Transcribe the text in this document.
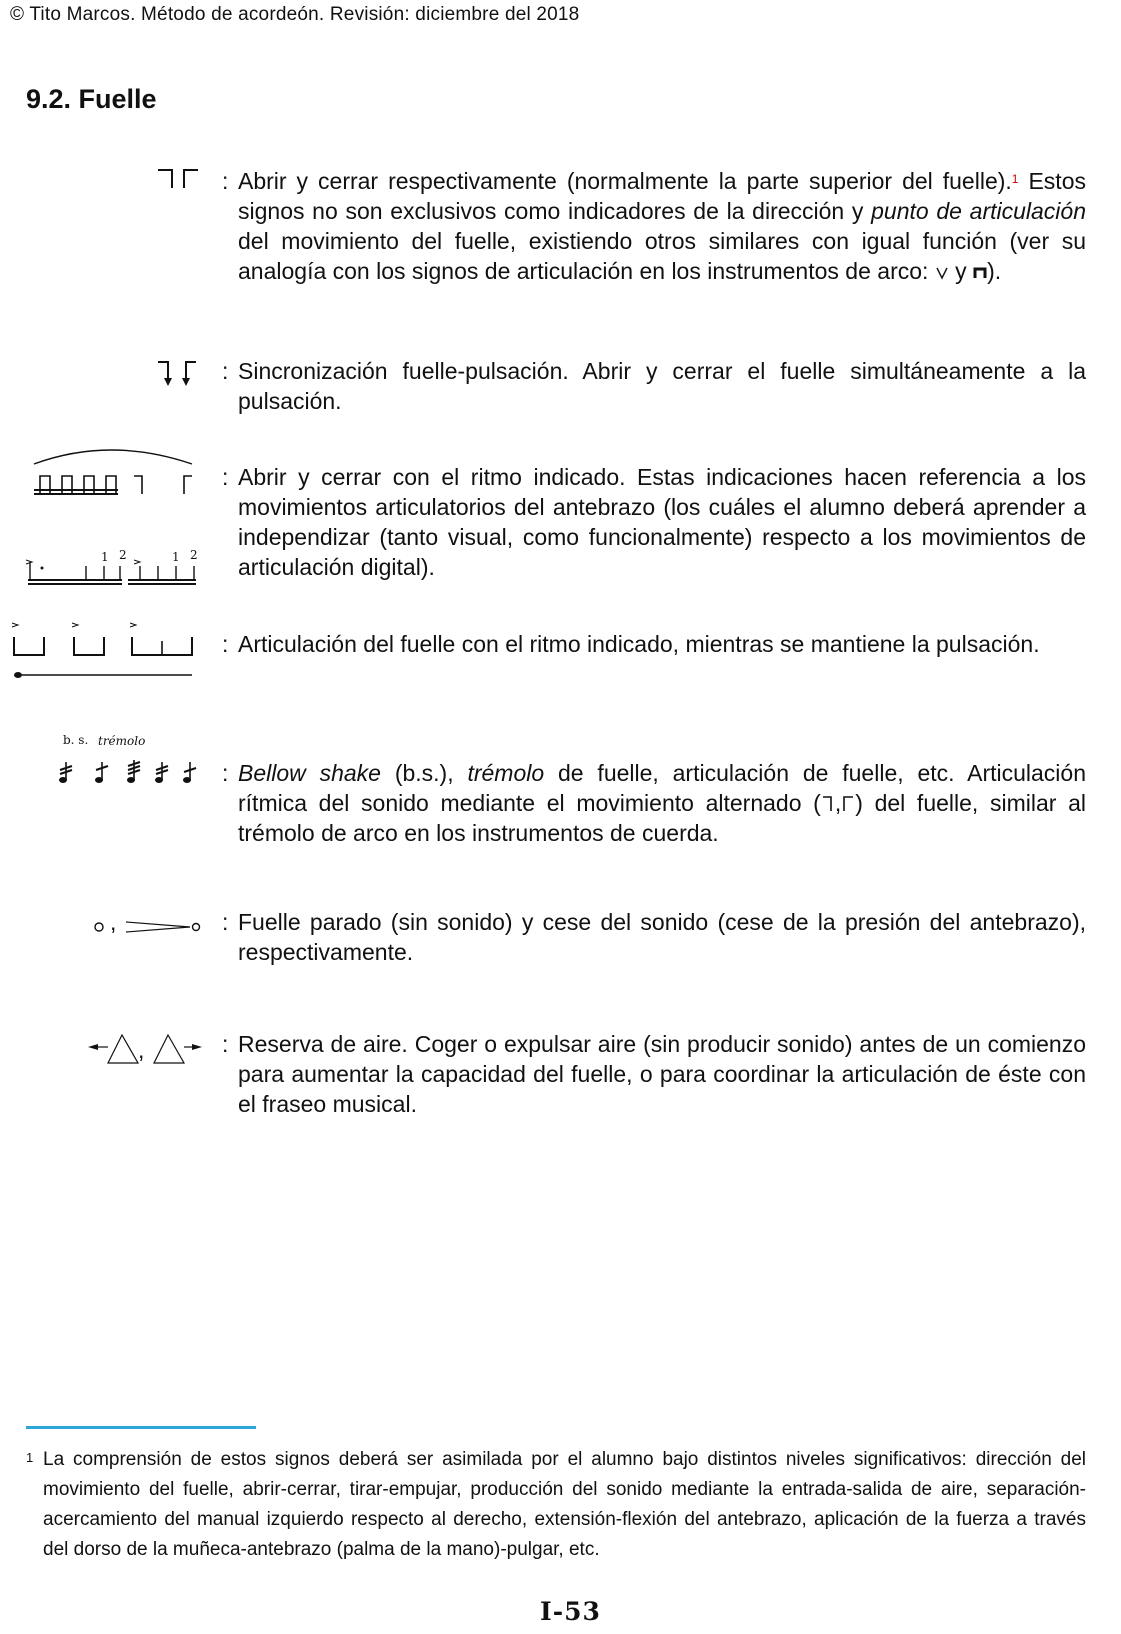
© Tito Marcos. Método de acordeón. Revisión: diciembre del 2018
9.2. Fuelle
: Abrir y cerrar respectivamente (normalmente la parte superior del fuelle).$^1$ Estos signos no son exclusivos como indicadores de la dirección y punto de articulación del movimiento del fuelle, existiendo otros similares con igual función (ver su analogía con los signos de articulación en los instrumentos de arco:  y ).

: Sincronización fuelle-pulsación. Abrir y cerrar el fuelle simultáneamente a la pulsación.

1 2	1 2
: Abrir y cerrar con el ritmo indicado. Estas indicaciones hacen referencia a los movimientos articulatorios del antebrazo (los cuáles el alumno deberá aprender a independizar (tanto visual, como funcionalmente) respecto a los movimientos de articulación digital).

: Articulación del fuelle con el ritmo indicado, mientras se mantiene la pulsación.

b. s. trémolo
: Bellow shake (b.s.), trémolo de fuelle, articulación de fuelle, etc. Articulación rítmica del sonido mediante el movimiento alternado ( , ) del fuelle, similar al trémolo de arco en los instrumentos de cuerda.

,	: Fuelle parado (sin sonido) y cese del sonido (cese de la presión del antebrazo), respectivamente.

,	: Reserva de aire. Coger o expulsar aire (sin producir sonido) antes de un comienzo para aumentar la capacidad del fuelle, o para coordinar la articulación de éste con el fraseo musical.

1 La comprensión de estos signos deberá ser asimilada por el alumno bajo distintos niveles significativos: dirección del movimiento del fuelle, abrir-cerrar, tirar-empujar, producción del sonido mediante la entrada-salida de aire, separación-acercamiento del manual izquierdo respecto al derecho, extensión-flexión del antebrazo, aplicación de la fuerza a través del dorso de la muñeca-antebrazo (palma de la mano)-pulgar, etc.
I-53
